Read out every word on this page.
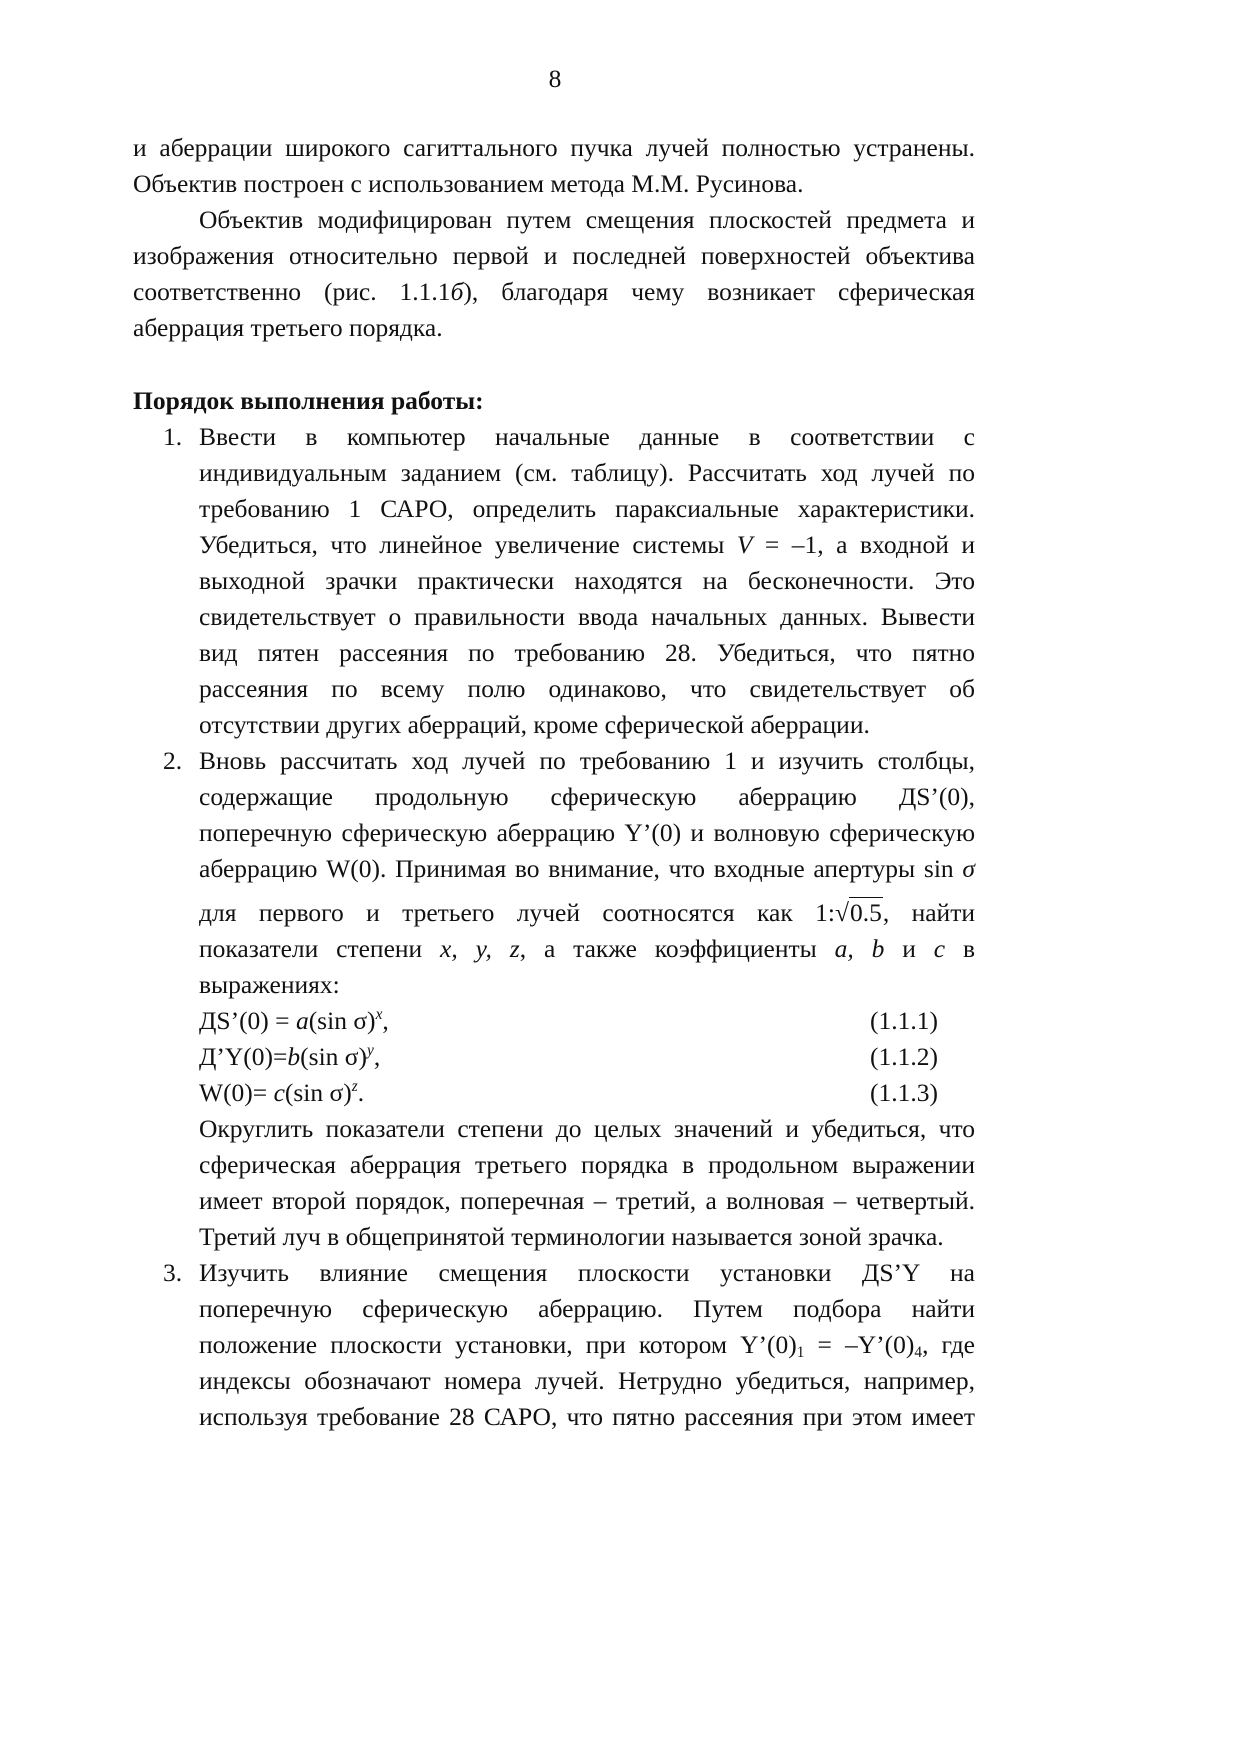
8
и аберрации широкого сагиттального пучка лучей полностью устранены.
Объектив построен с использованием метода М.М. Русинова.
Объектив модифицирован путем смещения плоскостей предмета и
изображения относительно первой и последней поверхностей объектива
соответственно (рис. 1.1.1б), благодаря чему возникает сферическая
аберрация третьего порядка.
Порядок выполнения работы:
1. Ввести в компьютер начальные данные в соответствии с
индивидуальным заданием (см. таблицу). Рассчитать ход лучей по
требованию 1 САРО, определить параксиальные характеристики.
Убедиться, что линейное увеличение системы V = –1, а входной и
выходной зрачки практически находятся на бесконечности. Это
свидетельствует о правильности ввода начальных данных. Вывести
вид пятен рассеяния по требованию 28. Убедиться, что пятно
рассеяния по всему полю одинаково, что свидетельствует об
отсутствии других аберраций, кроме сферической аберрации.
2. Вновь рассчитать ход лучей по требованию 1 и изучить столбцы,
содержащие продольную сферическую аберрацию ДS’(0),
поперечную сферическую аберрацию Y’(0) и волновую сферическую
аберрацию W(0). Принимая во внимание, что входные апертуры sin σ
для первого и третьего лучей соотносятся как 1:√0.5, найти
показатели степени x, y, z, а также коэффициенты a, b и c в
выражениях:
ДS’(0) = a(sin σ)$^x$,	(1.1.1)
Д’Y(0)=b(sin σ)$^y$,	(1.1.2)
W(0)= c(sin σ)$^z$.	(1.1.3)
Округлить показатели степени до целых значений и убедиться, что
сферическая аберрация третьего порядка в продольном выражении
имеет второй порядок, поперечная – третий, а волновая – четвертый.
Третий луч в общепринятой терминологии называется зоной зрачка.
3. Изучить влияние смещения плоскости установки ДS’Y на
поперечную сферическую аберрацию. Путем подбора найти
положение плоскости установки, при котором $Y’(0)_1$ = $-Y’(0)_4$, где
индексы обозначают номера лучей. Нетрудно убедиться, например,
используя требование 28 САРО, что пятно рассеяния при этом имеет
